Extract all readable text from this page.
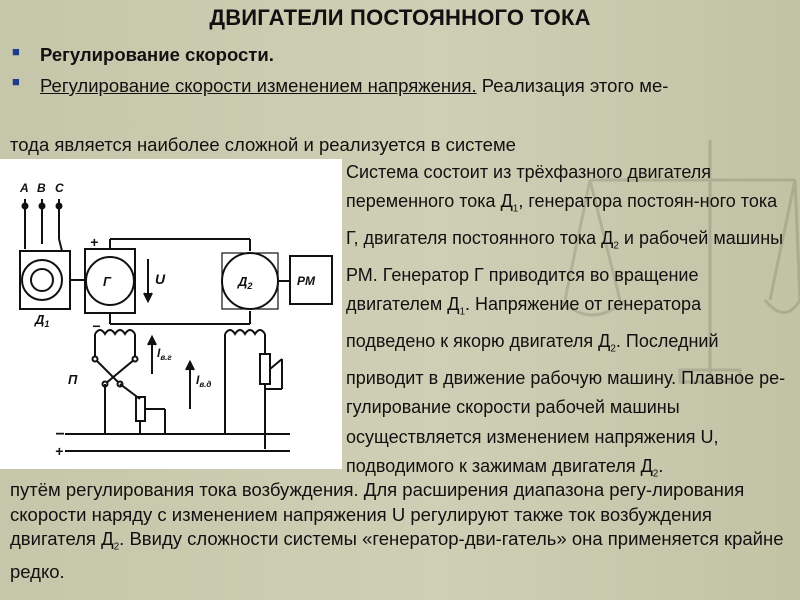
ДВИГАТЕЛИ ПОСТОЯННОГО ТОКА
■ Регулирование скорости.
■ Регулирование скорости изменением напряжения. Реализация этого ме-
тода является наиболее сложной и реализуется в системе
A B C
$Д_1$
Г
+
−
U	$Д_2$	РМ
П
$I_{в.г}$
$I_{в.д}$
−
+
Система состоит из трёхфазного двигателя переменного тока $Д_1$, генератора постоян-ного тока Г, двигателя постоянного тока $Д_2$ и рабочей машины РМ. Генератор Г приводится во вращение двигателем $Д_1$. Напряжение от генератора подведено к якорю двигателя $Д_2$. Последний приводит в движение рабочую машину. Плавное ре-гулирование скорости рабочей машины осуществляется изменением напряжения U, подводимого к зажимам двигателя $Д_2$.
путём регулирования тока возбуждения. Для расширения диапазона регу-лирования скорости наряду с изменением напряжения U регулируют также ток возбуждения двигателя $Д_2$. Ввиду сложности системы «генератор-дви-гатель» она применяется крайне редко.
